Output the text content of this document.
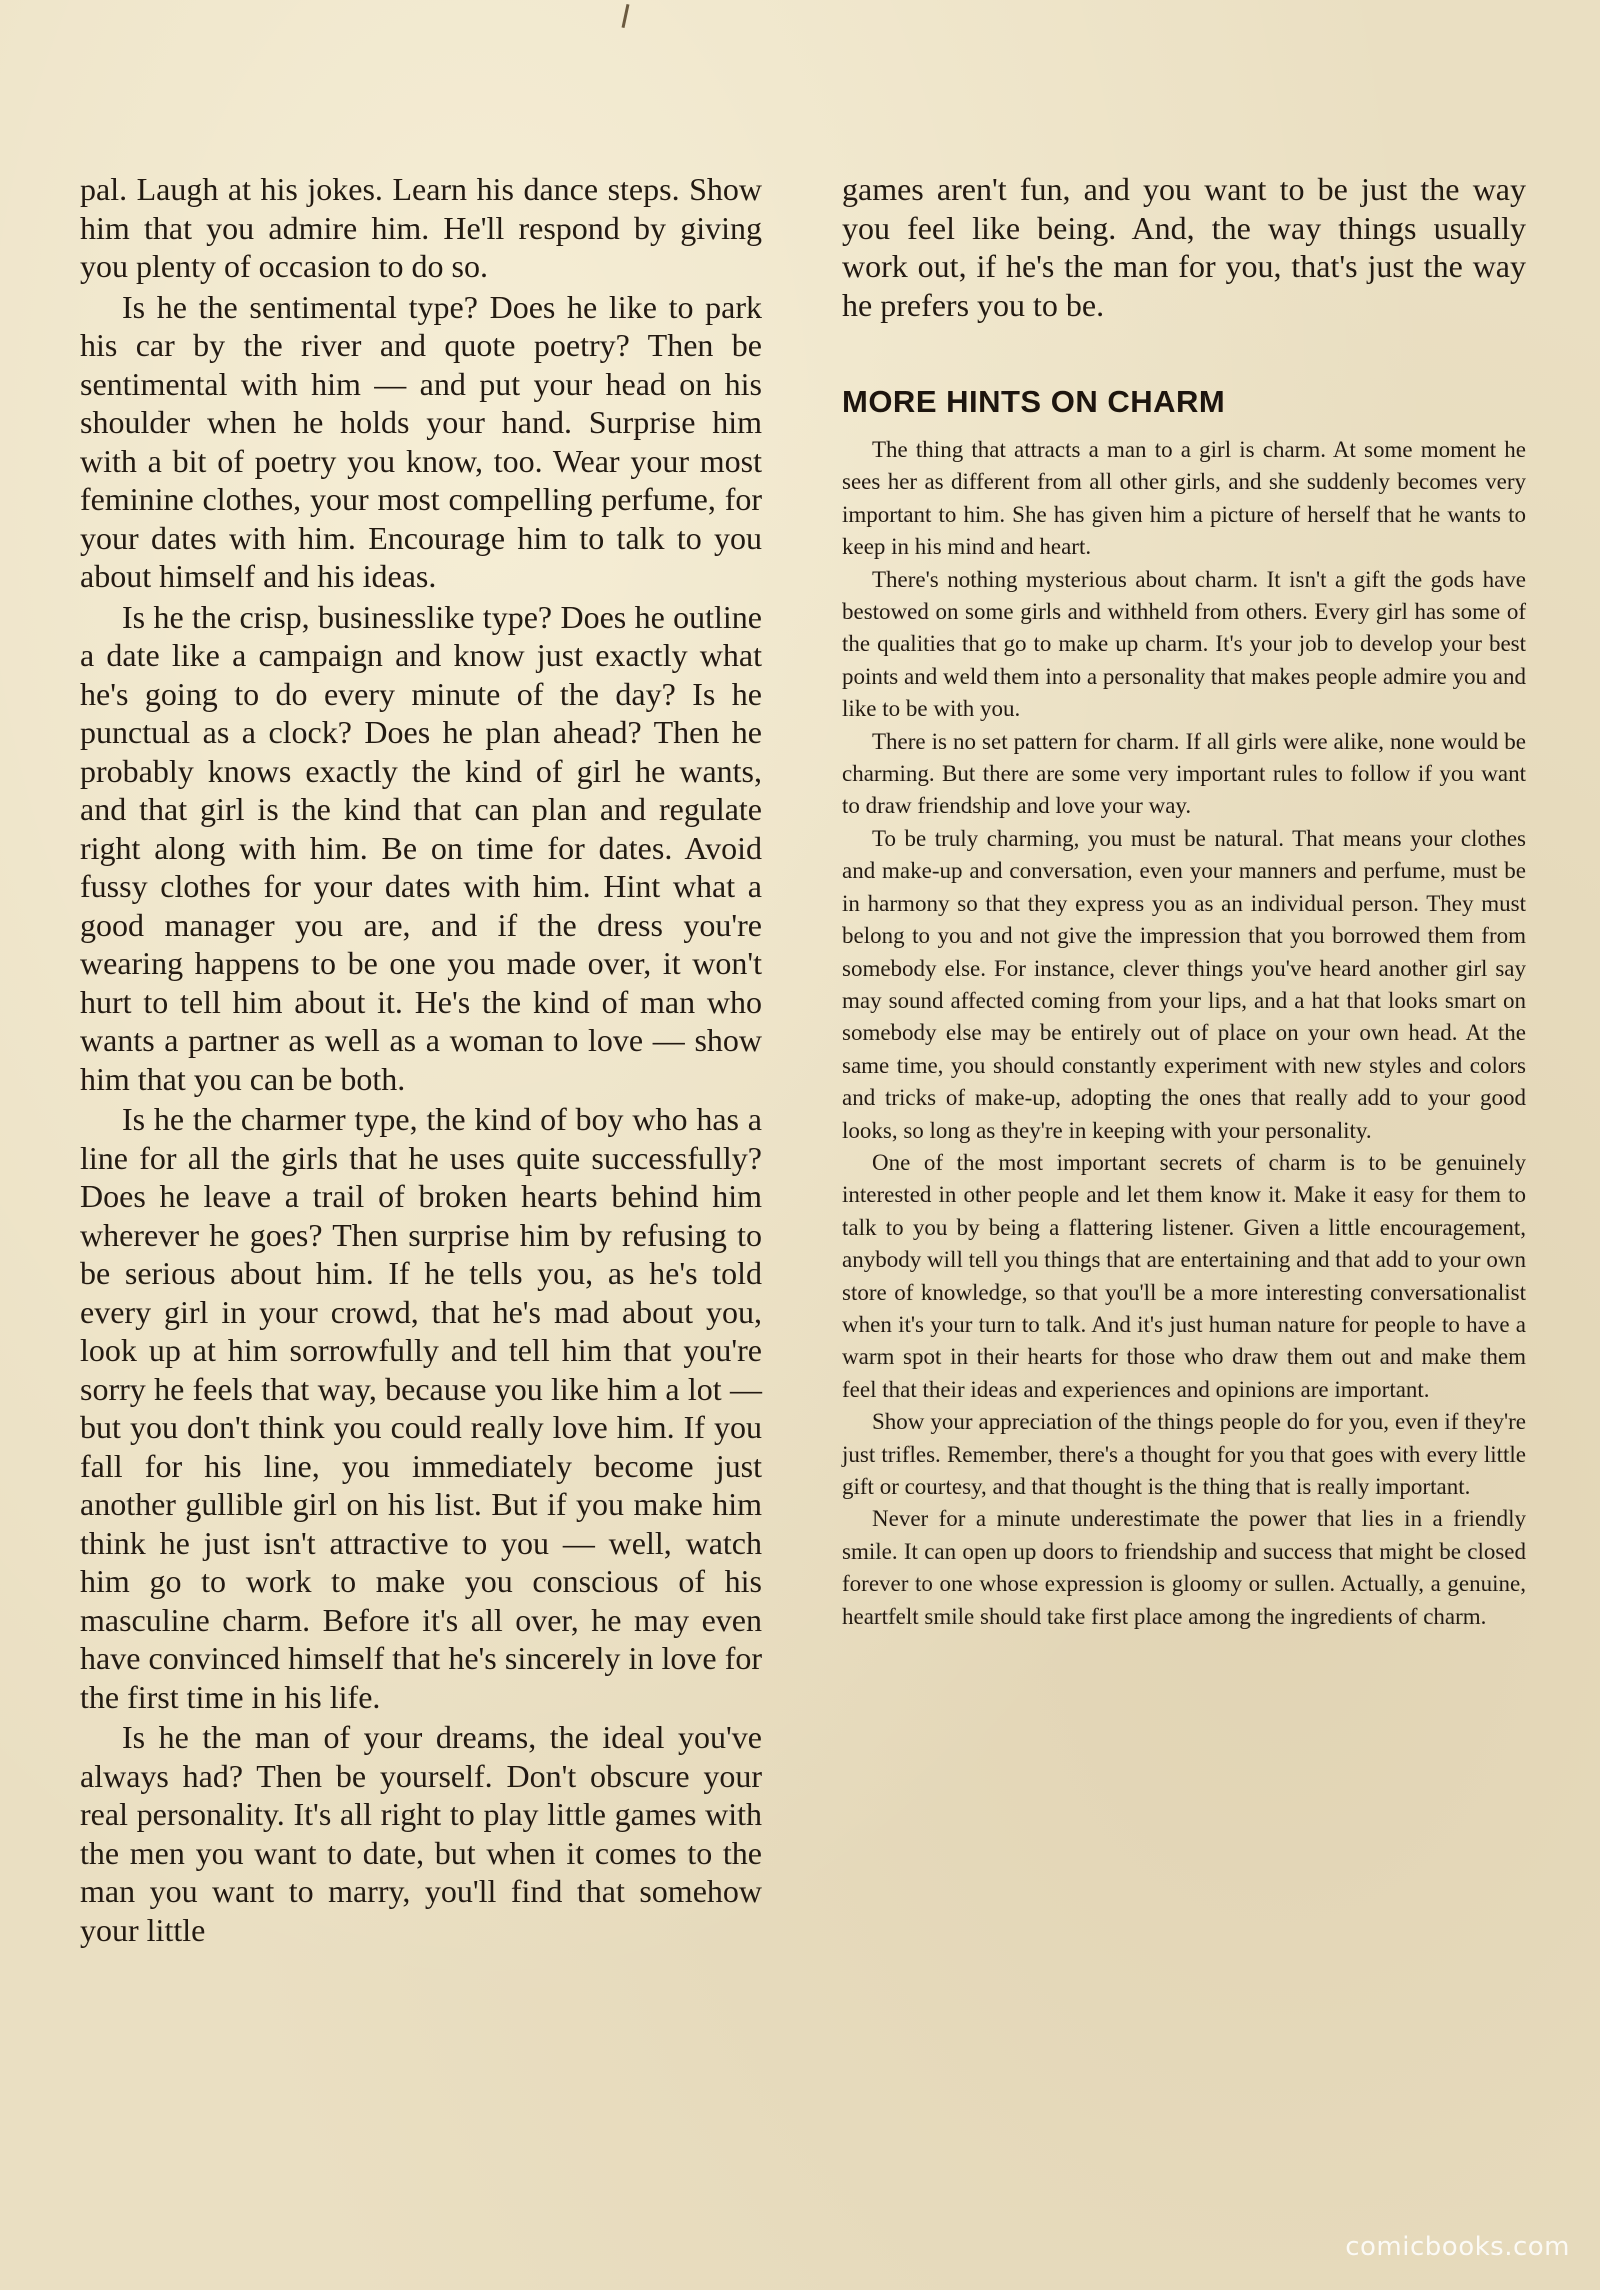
pal. Laugh at his jokes. Learn his dance steps. Show him that you admire him. He'll respond by giving you plenty of occasion to do so.

Is he the sentimental type? Does he like to park his car by the river and quote poetry? Then be sentimental with him — and put your head on his shoulder when he holds your hand. Surprise him with a bit of poetry you know, too. Wear your most feminine clothes, your most compelling perfume, for your dates with him. Encourage him to talk to you about himself and his ideas.

Is he the crisp, businesslike type? Does he outline a date like a campaign and know just exactly what he's going to do every minute of the day? Is he punctual as a clock? Does he plan ahead? Then he probably knows exactly the kind of girl he wants, and that girl is the kind that can plan and regulate right along with him. Be on time for dates. Avoid fussy clothes for your dates with him. Hint what a good manager you are, and if the dress you're wearing happens to be one you made over, it won't hurt to tell him about it. He's the kind of man who wants a partner as well as a woman to love — show him that you can be both.

Is he the charmer type, the kind of boy who has a line for all the girls that he uses quite successfully? Does he leave a trail of broken hearts behind him wherever he goes? Then surprise him by refusing to be serious about him. If he tells you, as he's told every girl in your crowd, that he's mad about you, look up at him sorrowfully and tell him that you're sorry he feels that way, because you like him a lot — but you don't think you could really love him. If you fall for his line, you immediately become just another gullible girl on his list. But if you make him think he just isn't attractive to you — well, watch him go to work to make you conscious of his masculine charm. Before it's all over, he may even have convinced himself that he's sincerely in love for the first time in his life.

Is he the man of your dreams, the ideal you've always had? Then be yourself. Don't obscure your real personality. It's all right to play little games with the men you want to date, but when it comes to the man you want to marry, you'll find that somehow your little

games aren't fun, and you want to be just the way you feel like being. And, the way things usually work out, if he's the man for you, that's just the way he prefers you to be.

MORE HINTS ON CHARM

The thing that attracts a man to a girl is charm. At some moment he sees her as different from all other girls, and she suddenly becomes very important to him. She has given him a picture of herself that he wants to keep in his mind and heart.

There's nothing mysterious about charm. It isn't a gift the gods have bestowed on some girls and withheld from others. Every girl has some of the qualities that go to make up charm. It's your job to develop your best points and weld them into a personality that makes people admire you and like to be with you.

There is no set pattern for charm. If all girls were alike, none would be charming. But there are some very important rules to follow if you want to draw friendship and love your way.

To be truly charming, you must be natural. That means your clothes and make-up and conversation, even your manners and perfume, must be in harmony so that they express you as an individual person. They must belong to you and not give the impression that you borrowed them from somebody else. For instance, clever things you've heard another girl say may sound affected coming from your lips, and a hat that looks smart on somebody else may be entirely out of place on your own head. At the same time, you should constantly experiment with new styles and colors and tricks of make-up, adopting the ones that really add to your good looks, so long as they're in keeping with your personality.

One of the most important secrets of charm is to be genuinely interested in other people and let them know it. Make it easy for them to talk to you by being a flattering listener. Given a little encouragement, anybody will tell you things that are entertaining and that add to your own store of knowledge, so that you'll be a more interesting conversationalist when it's your turn to talk. And it's just human nature for people to have a warm spot in their hearts for those who draw them out and make them feel that their ideas and experiences and opinions are important.

Show your appreciation of the things people do for you, even if they're just trifles. Remember, there's a thought for you that goes with every little gift or courtesy, and that thought is the thing that is really important.

Never for a minute underestimate the power that lies in a friendly smile. It can open up doors to friendship and success that might be closed forever to one whose expression is gloomy or sullen. Actually, a genuine, heartfelt smile should take first place among the ingredients of charm.

comicbooks.com
